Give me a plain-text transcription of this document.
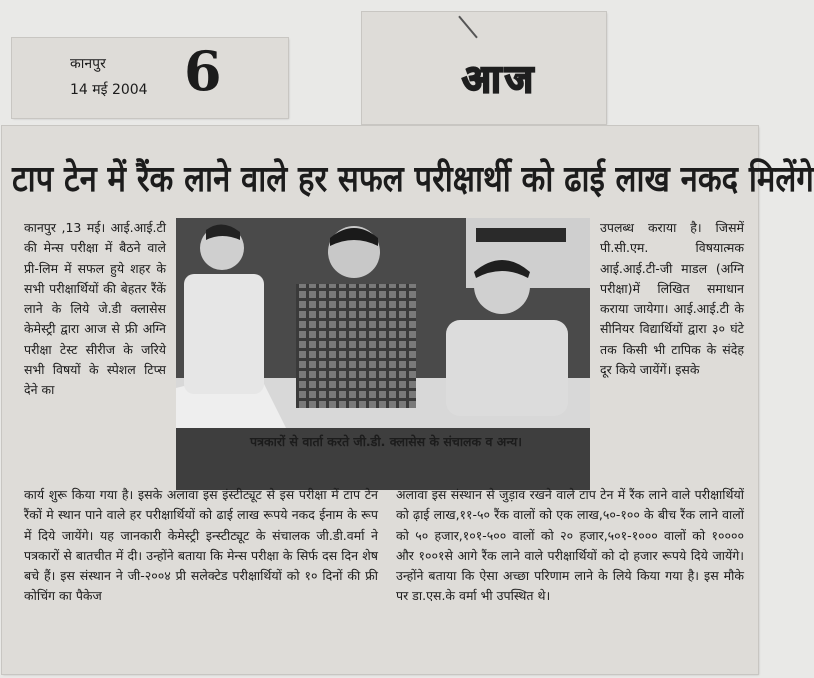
कानपुर
14 मई 2004 6	आज
टाप टेन में रैंक लाने वाले हर सफल परीक्षार्थी को ढाई लाख नकद मिलेंगे
कानपुर ,13 मई। आई.आई.टी की मेन्स परीक्षा में बैठने वाले प्री-लिम में सफल हुये शहर के सभी परीक्षार्थियों की बेहतर रैंकें लाने के लिये जे.डी क्लासेस केमेस्ट्री द्वारा आज से फ्री अग्नि परीक्षा टेस्ट सीरीज के जरिये सभी विषयों के स्पेशल टिप्स देने का
पत्रकारों से वार्ता करते जी.डी. क्लासेस के संचालक व अन्य।
उपलब्ध कराया है। जिसमें पी.सी.एम. विषयात्मक आई.आई.टी-जी माडल (अग्नि परीक्षा)में लिखित समाधान कराया जायेगा। आई.आई.टी के सीनियर विद्यार्थियों द्वारा ३० घंटे तक किसी भी टापिक के संदेह दूर किये जायेंगें। इसके
कार्य शुरू किया गया है। इसके अलावा इस इंस्टीट्यूट से इस परीक्षा में टाप टेन रैंकों मे स्थान पाने वाले हर परीक्षार्थियों को ढाई लाख रूपये नकद ईनाम के रूप में दिये जायेंगे। यह जानकारी केमेस्ट्री इन्स्टीट्यूट के संचालक जी.डी.वर्मा ने पत्रकारों से बातचीत में दी। उन्होंने बताया कि मेन्स परीक्षा के सिर्फ दस दिन शेष बचे हैं। इस संस्थान ने जी-२००४ प्री सलेक्टेड परीक्षार्थियों को १० दिनों की फ्री कोचिंग का पैकेज
अलावा इस संस्थान से जुड़ाव रखने वाले टाप टेन में रैंक लाने वाले परीक्षार्थियों को ढ़ाई लाख,११-५० रैंक वालों को एक लाख,५०-१०० के बीच रैंक लाने वालों को ५० हजार,१०१-५०० वालों को २० हजार,५०१-१००० वालों को १०००० और १००१से आगे रैंक लाने वाले परीक्षार्थियों को दो हजार रूपये दिये जायेंगे। उन्होंने बताया कि ऐसा अच्छा परिणाम लाने के लिये किया गया है। इस मौके पर डा.एस.के वर्मा भी उपस्थित थे।
